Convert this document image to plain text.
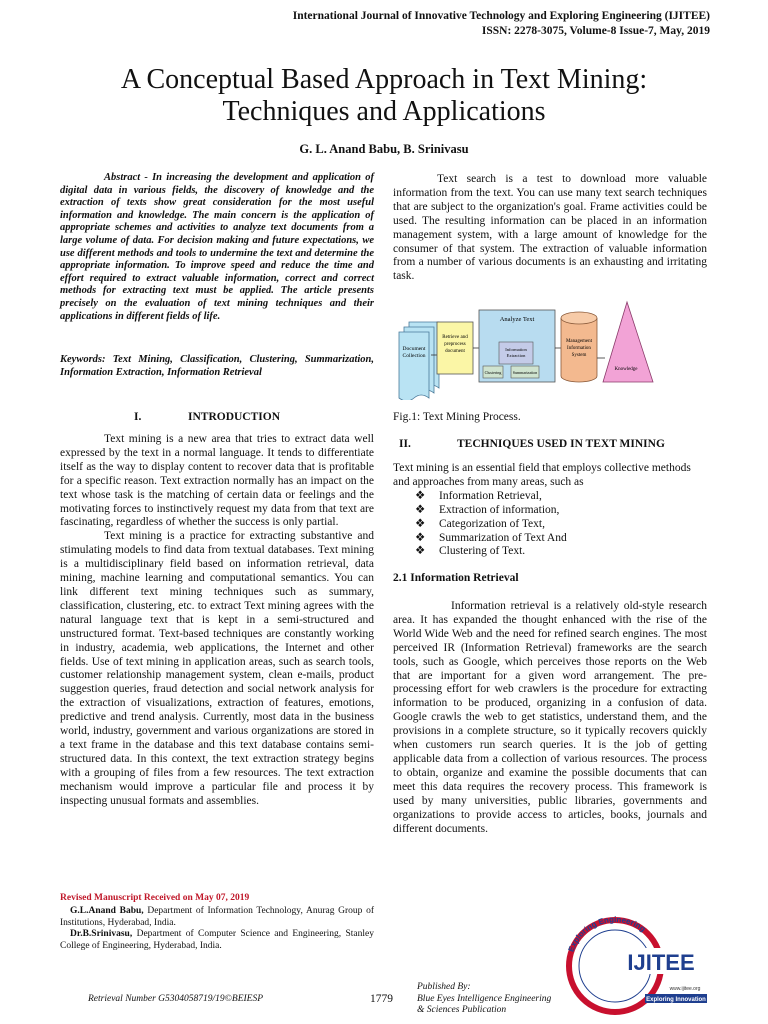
International Journal of Innovative Technology and Exploring Engineering (IJITEE)
ISSN: 2278-3075, Volume-8 Issue-7, May, 2019
A Conceptual Based Approach in Text Mining:
Techniques and Applications
G. L. Anand Babu, B. Srinivasu
Abstract - In increasing the development and application of digital data in various fields, the discovery of knowledge and the extraction of texts show great consideration for the most useful information and knowledge. The main concern is the application of appropriate schemes and activities to analyze text documents from a large volume of data. For decision making and future expectations, we use different methods and tools to undermine the text and determine the appropriate information. To improve speed and reduce the time and effort required to extract valuable information, correct and correct methods for extracting text must be applied. The article presents precisely on the evaluation of text mining techniques and their applications in different fields of life.
Keywords: Text Mining, Classification, Clustering, Summarization, Information Extraction, Information Retrieval
I.	INTRODUCTION

Text mining is a new area that tries to extract data well expressed by the text in a normal language. It tends to differentiate itself as the way to display content to recover data that is profitable for a specific reason. Text extraction normally has an impact on the text whose task is the matching of certain data or feelings and the motivating forces to instinctively request my data from that text are fascinating, regardless of whether the success is only partial.

Text mining is a practice for extracting substantive and stimulating models to find data from textual databases. Text mining is a multidisciplinary field based on information retrieval, data mining, machine learning and computational semantics. You can link different text mining techniques such as summary, classification, clustering, etc. to extract Text mining agrees with the natural language text that is kept in a semi-structured and unstructured format. Text-based techniques are constantly working in industry, academia, web applications, the Internet and other fields. Use of text mining in application areas, such as search tools, customer relationship management system, clean e-mails, product suggestion queries, fraud detection and social network analysis for the extraction of visualizations, extraction of features, emotions, predictive and trend analysis. Currently, most data in the business world, industry, government and various organizations are stored in a text frame in the database and this text database contains semi-structured data. In this context, the text extraction strategy begins with a grouping of files from a few resources. The text extraction mechanism would improve a particular file and process it by inspecting unusual formats and assemblies.

Revised Manuscript Received on May 07, 2019
G.L.Anand Babu, Department of Information Technology, Anurag Group of Institutions, Hyderabad, India.
Dr.B.Srinivasu, Department of Computer Science and Engineering, Stanley College of Engineering, Hyderabad, India.

Text search is a test to download more valuable information from the text. You can use many text search techniques that are subject to the organization's goal. Frame activities could be used. The resulting information can be placed in an information management system, with a large amount of knowledge for the consumer of that system. The extraction of valuable information from a number of various documents is an exhausting and irritating task.

Document Collection
Retrieve and preprocess document
Analyze Text
Information Extraction
Clustering	Summarization
Management Information System
Knowledge
Fig.1: Text Mining Process.
II.	TECHNIQUES USED IN TEXT MINING

Text mining is an essential field that employs collective methods and approaches from many areas, such as

❖ Information Retrieval,
❖ Extraction of information,
❖ Categorization of Text,
❖ Summarization of Text And
❖ Clustering of Text.
2.1 Information Retrieval

Information retrieval is a relatively old-style research area. It has expanded the thought enhanced with the rise of the World Wide Web and the need for refined search engines. The most perceived IR (Information Retrieval) frameworks are the search tools, such as Google, which perceives those reports on the Web that are important for a given word arrangement. The pre-processing effort for web crawlers is the procedure for extracting information to be produced, organizing in a confusion of data. Google crawls the web to get statistics, understand them, and the provisions in a complete structure, so it typically recovers quickly when customers run search queries. It is the job of getting applicable data from a collection of various resources. The process to obtain, organize and examine the possible documents that can meet this data requires the recovery process. This framework is used by many universities, public libraries, governments and organizations to provide access to articles, books, journals and different documents.

Exploring Engineering
IJITEE
www.ijitee.org
Exploring Innovation
Retrieval Number G5304058719/19©BEIESP	1779
Published By:
Blue Eyes Intelligence Engineering
& Sciences Publication
